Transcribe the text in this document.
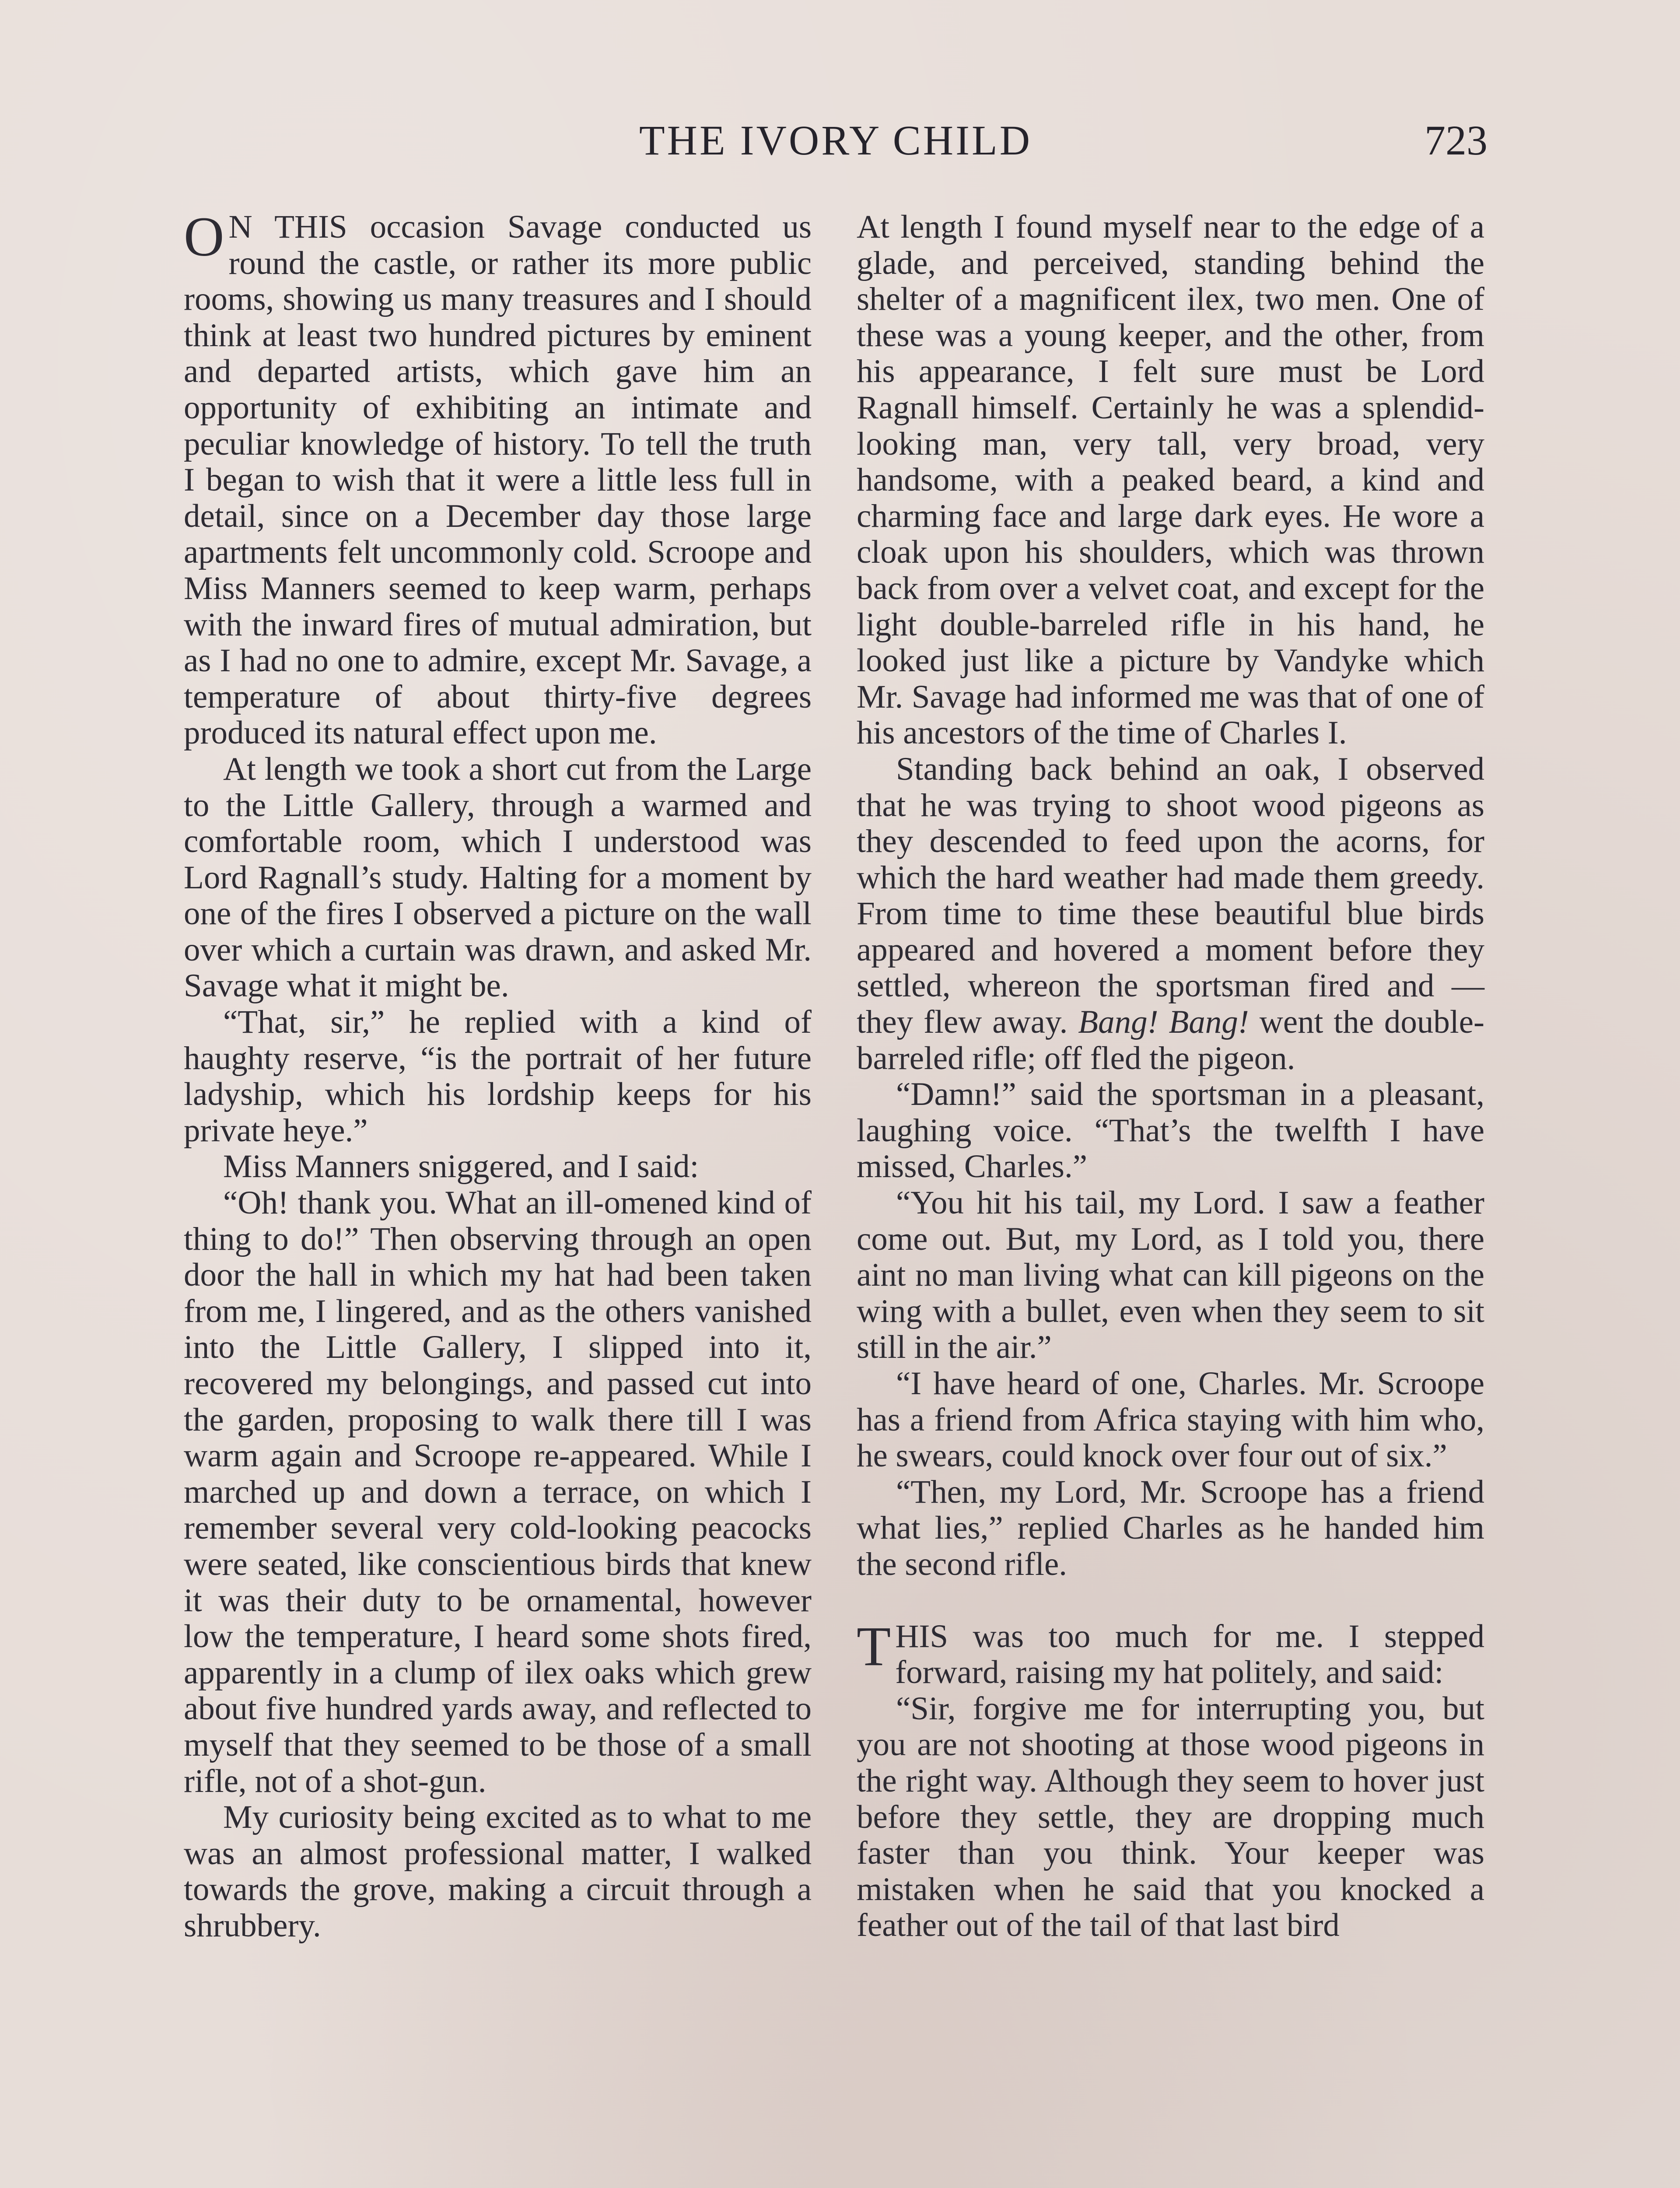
THE IVORY CHILD	723

O N THIS occasion Savage conducted us round the castle, or rather its more public rooms, showing us many treasures and I should think at least two hundred pictures by eminent and departed artists, which gave him an opportunity of exhibiting an intimate and peculiar knowledge of history. To tell the truth I began to wish that it were a little less full in detail, since on a December day those large apartments felt uncommonly cold. Scroope and Miss Manners seemed to keep warm, perhaps with the inward fires of mutual admiration, but as I had no one to admire, except Mr. Savage, a temperature of about thirty-five degrees produced its natural effect upon me.

At length we took a short cut from the Large to the Little Gallery, through a warmed and comfortable room, which I understood was Lord Ragnall’s study. Halting for a moment by one of the fires I observed a picture on the wall over which a curtain was drawn, and asked Mr. Savage what it might be.

“That, sir,” he replied with a kind of haughty reserve, “is the portrait of her future ladyship, which his lordship keeps for his private heye.”

Miss Manners sniggered, and I said:

“Oh! thank you. What an ill-omened kind of thing to do!” Then observing through an open door the hall in which my hat had been taken from me, I lingered, and as the others vanished into the Little Gallery, I slipped into it, recovered my belongings, and passed cut into the garden, proposing to walk there till I was warm again and Scroope re-appeared. While I marched up and down a terrace, on which I remember several very cold-looking peacocks were seated, like conscientious birds that knew it was their duty to be ornamental, however low the temperature, I heard some shots fired, apparently in a clump of ilex oaks which grew about five hundred yards away, and reflected to myself that they seemed to be those of a small rifle, not of a shot-gun.

My curiosity being excited as to what to me was an almost professional matter, I walked towards the grove, making a circuit through a shrubbery.

At length I found myself near to the edge of a glade, and perceived, standing behind the shelter of a magnificent ilex, two men. One of these was a young keeper, and the other, from his appearance, I felt sure must be Lord Ragnall himself. Certainly he was a splendid-looking man, very tall, very broad, very handsome, with a peaked beard, a kind and charming face and large dark eyes. He wore a cloak upon his shoulders, which was thrown back from over a velvet coat, and except for the light double-barreled rifle in his hand, he looked just like a picture by Vandyke which Mr. Savage had informed me was that of one of his ancestors of the time of Charles I.

Standing back behind an oak, I observed that he was trying to shoot wood pigeons as they descended to feed upon the acorns, for which the hard weather had made them greedy. From time to time these beautiful blue birds appeared and hovered a moment before they settled, whereon the sportsman fired and —they flew away. Bang! Bang! went the double-barreled rifle; off fled the pigeon.

“Damn!” said the sportsman in a pleasant, laughing voice. “That’s the twelfth I have missed, Charles.”

“You hit his tail, my Lord. I saw a feather come out. But, my Lord, as I told you, there aint no man living what can kill pigeons on the wing with a bullet, even when they seem to sit still in the air.”

“I have heard of one, Charles. Mr. Scroope has a friend from Africa staying with him who, he swears, could knock over four out of six.”

“Then, my Lord, Mr. Scroope has a friend what lies,” replied Charles as he handed him the second rifle.

THIS was too much for me. I stepped forward, raising my hat politely, and said:

“Sir, forgive me for interrupting you, but you are not shooting at those wood pigeons in the right way. Although they seem to hover just before they settle, they are dropping much faster than you think. Your keeper was mistaken when he said that you knocked a feather out of the tail of that last bird
